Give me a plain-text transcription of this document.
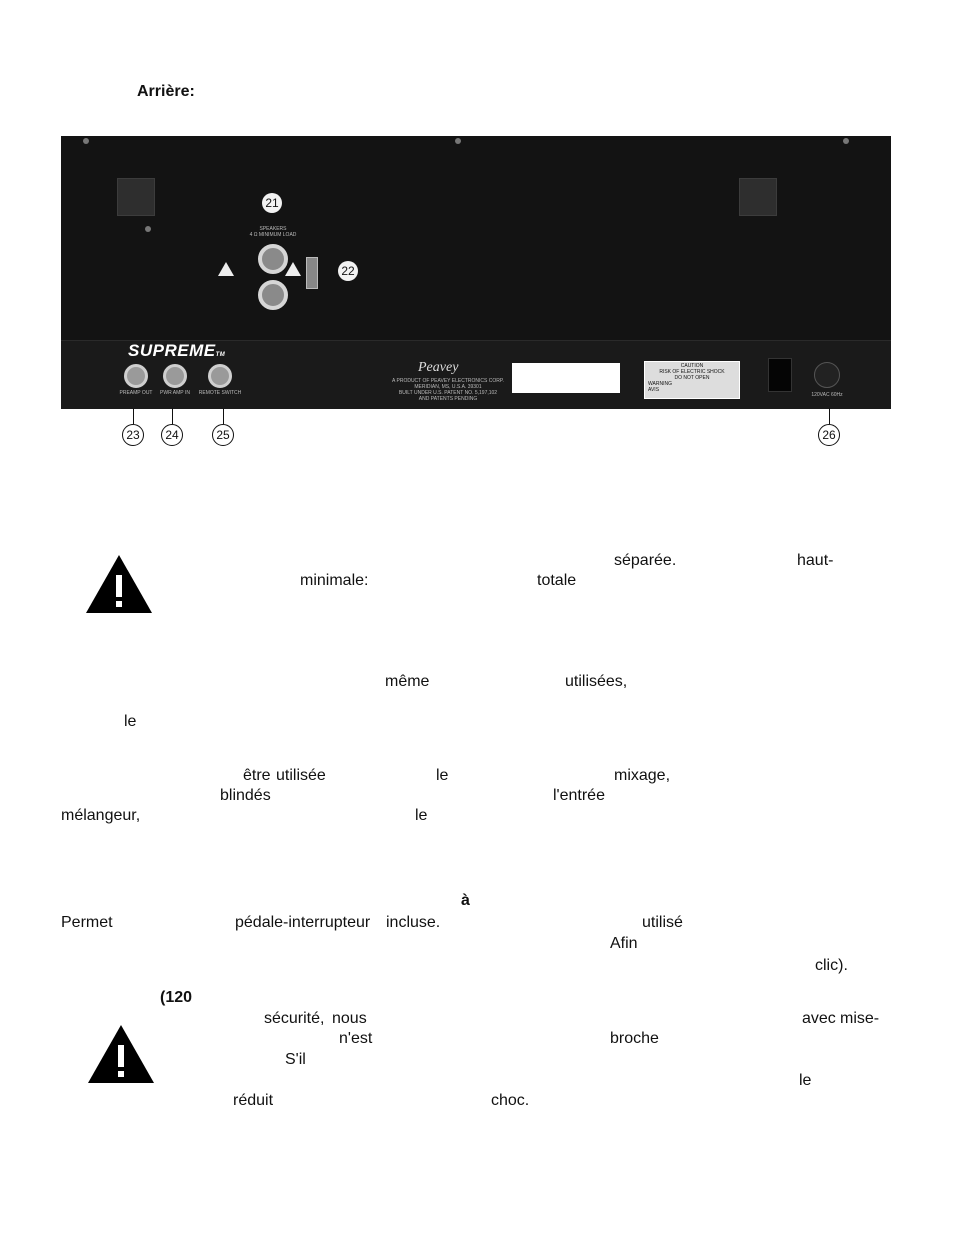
Arrière:
21
SPEAKERS
4 Ω MINIMUM LOAD
22
SUPREMETM
PREAMP OUT	PWR AMP IN	REMOTE SWITCH
Peavey
A PRODUCT OF PEAVEY ELECTRONICS CORP.
MERIDIAN, MS, U.S.A. 39301
BUILT UNDER U.S. PATENT NO. 5,197,102
AND PATENTS PENDING
CAUTION
RISK OF ELECTRIC SHOCK
DO NOT OPEN
WARNING
AVIS
120VAC 60Hz
23	24	25	26
séparée.	haut-
minimale:	totale
même	utilisées,
le
être utilisée	le	mixage,
blindés	l'entrée
mélangeur,	le
à
Permet	pédale-interrupteur incluse.	utilisé
Afin
clic).
(120
sécurité, nous	avec mise-
n'est	broche
S'il
le
réduit	choc.
